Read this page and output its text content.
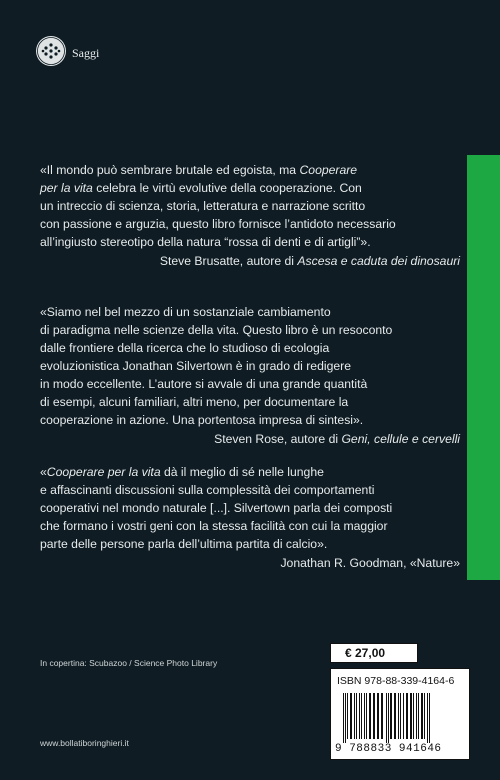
Saggi
«Il mondo può sembrare brutale ed egoista, ma Cooperare
per la vita celebra le virtù evolutive della cooperazione. Con
un intreccio di scienza, storia, letteratura e narrazione scritto
con passione e arguzia, questo libro fornisce l’antidoto necessario
all’ingiusto stereotipo della natura “rossa di denti e di artigli”».
Steve Brusatte, autore di Ascesa e caduta dei dinosauri
«Siamo nel bel mezzo di un sostanziale cambiamento
di paradigma nelle scienze della vita. Questo libro è un resoconto
dalle frontiere della ricerca che lo studioso di ecologia
evoluzionistica Jonathan Silvertown è in grado di redigere
in modo eccellente. L’autore si avvale di una grande quantità
di esempi, alcuni familiari, altri meno, per documentare la
cooperazione in azione. Una portentosa impresa di sintesi».
Steven Rose, autore di Geni, cellule e cervelli
«Cooperare per la vita dà il meglio di sé nelle lunghe
e affascinanti discussioni sulla complessità dei comportamenti
cooperativi nel mondo naturale [...]. Silvertown parla dei composti
che formano i vostri geni con la stessa facilità con cui la maggior
parte delle persone parla dell’ultima partita di calcio».
Jonathan R. Goodman, «Nature»
In copertina: Scubazoo / Science Photo Library
www.bollatiboringhieri.it
€ 27,00
ISBN 978-88-339-4164-6
9 788833 941646
